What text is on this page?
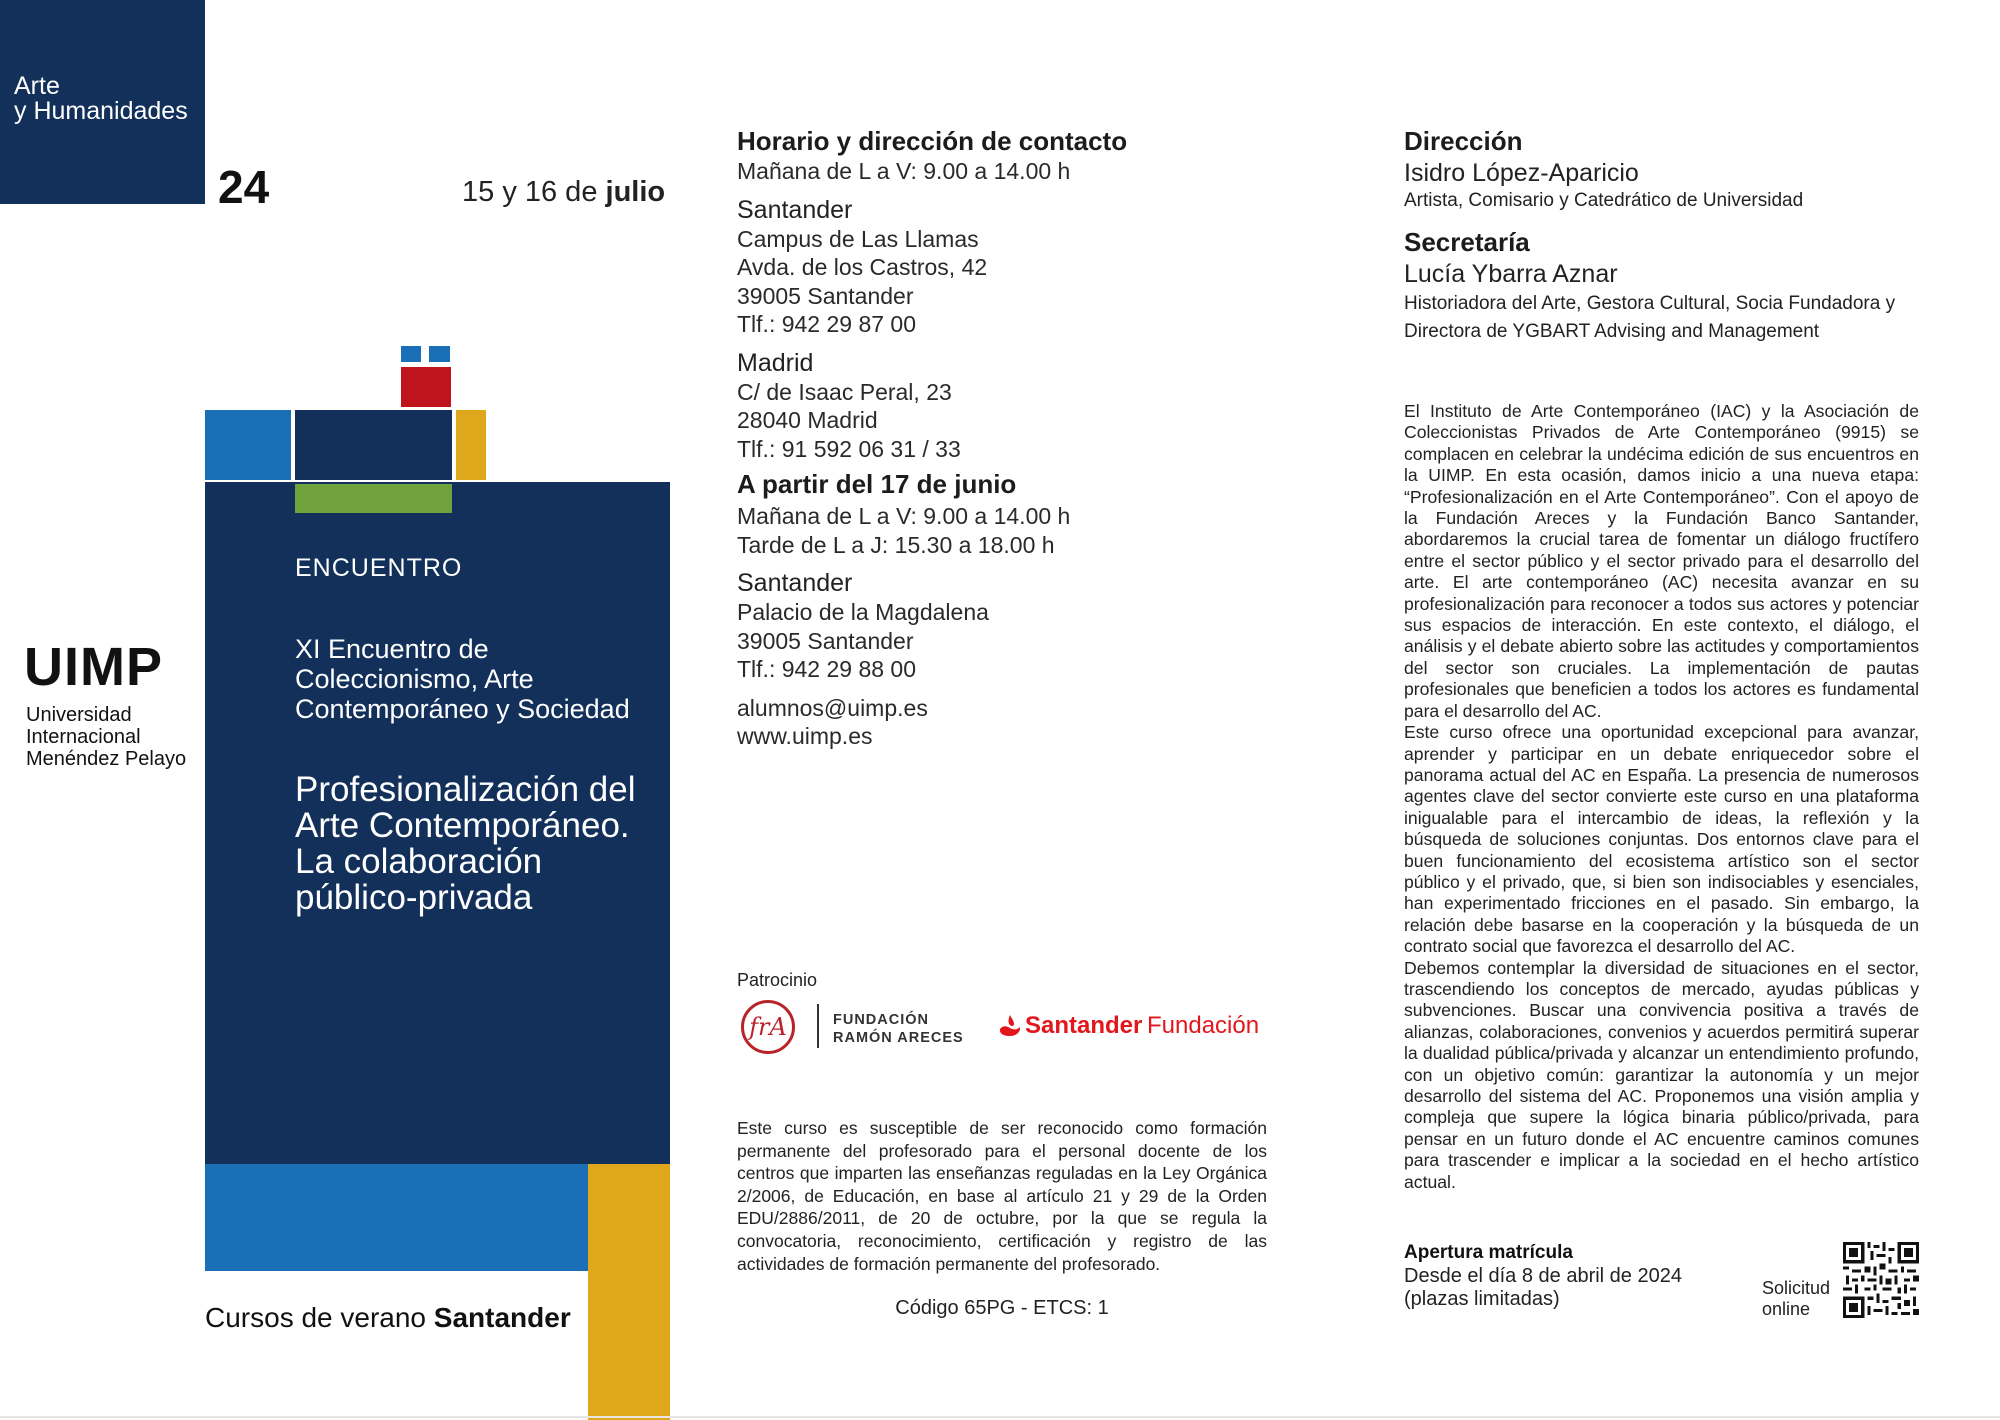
Arte
y Humanidades
24	15 y 16 de julio
ENCUENTRO
XI Encuentro de Coleccionismo, Arte Contemporáneo y Sociedad
Profesionalización del Arte Contemporáneo. La colaboración público-privada
UIMP
Universidad
Internacional
Menéndez Pelayo
Cursos de verano Santander
Horario y dirección de contacto
Mañana de L a V: 9.00 a 14.00 h
Santander
Campus de Las Llamas
Avda. de los Castros, 42
39005 Santander
Tlf.: 942 29 87 00
Madrid
C/ de Isaac Peral, 23
28040 Madrid
Tlf.: 91 592 06 31 / 33
A partir del 17 de junio
Mañana de L a V: 9.00 a 14.00 h
Tarde de L a J: 15.30 a 18.00 h
Santander
Palacio de la Magdalena
39005 Santander
Tlf.: 942 29 88 00
alumnos@uimp.es
www.uimp.es
Patrocinio
frA	FUNDACIÓN
RAMÓN ARECES	Santander Fundación
Este curso es susceptible de ser reconocido como formación permanente del profesorado para el personal docente de los centros que imparten las enseñanzas reguladas en la Ley Orgánica 2/2006, de Educación, en base al artículo 21 y 29 de la Orden EDU/2886/2011, de 20 de octubre, por la que se regula la convocatoria, reconocimiento, certificación y registro de las actividades de formación permanente del profesorado.
Código 65PG - ETCS: 1
Dirección
Isidro López-Aparicio
Artista, Comisario y Catedrático de Universidad
Secretaría
Lucía Ybarra Aznar
Historiadora del Arte, Gestora Cultural, Socia Fundadora y Directora de YGBART Advising and Management

El Instituto de Arte Contemporáneo (IAC) y la Asociación de Coleccionistas Privados de Arte Contemporáneo (9915) se complacen en celebrar la undécima edición de sus encuentros en la UIMP. En esta ocasión, damos inicio a una nueva etapa: “Profesionalización en el Arte Contemporáneo”. Con el apoyo de la Fundación Areces y la Fundación Banco Santander, abordaremos la crucial tarea de fomentar un diálogo fructífero entre el sector público y el sector privado para el desarrollo del arte. El arte contemporáneo (AC) necesita avanzar en su profesionalización para reconocer a todos sus actores y potenciar sus espacios de interacción. En este contexto, el diálogo, el análisis y el debate abierto sobre las actitudes y comportamientos del sector son cruciales. La implementación de pautas profesionales que beneficien a todos los actores es fundamental para el desarrollo del AC.

Este curso ofrece una oportunidad excepcional para avanzar, aprender y participar en un debate enriquecedor sobre el panorama actual del AC en España. La presencia de numerosos agentes clave del sector convierte este curso en una plataforma inigualable para el intercambio de ideas, la reflexión y la búsqueda de soluciones conjuntas. Dos entornos clave para el buen funcionamiento del ecosistema artístico son el sector público y el privado, que, si bien son indisociables y esenciales, han experimentado fricciones en el pasado. Sin embargo, la relación debe basarse en la cooperación y la búsqueda de un contrato social que favorezca el desarrollo del AC.

Debemos contemplar la diversidad de situaciones en el sector, trascendiendo los conceptos de mercado, ayudas públicas y subvenciones. Buscar una convivencia positiva a través de alianzas, colaboraciones, convenios y acuerdos permitirá superar la dualidad pública/privada y alcanzar un entendimiento profundo, con un objetivo común: garantizar la autonomía y un mejor desarrollo del sistema del AC. Proponemos una visión amplia y compleja que supere la lógica binaria público/privada, para pensar en un futuro donde el AC encuentre caminos comunes para trascender e implicar a la sociedad en el hecho artístico actual.

Apertura matrícula
Desde el día 8 de abril de 2024
(plazas limitadas)	Solicitud
online
